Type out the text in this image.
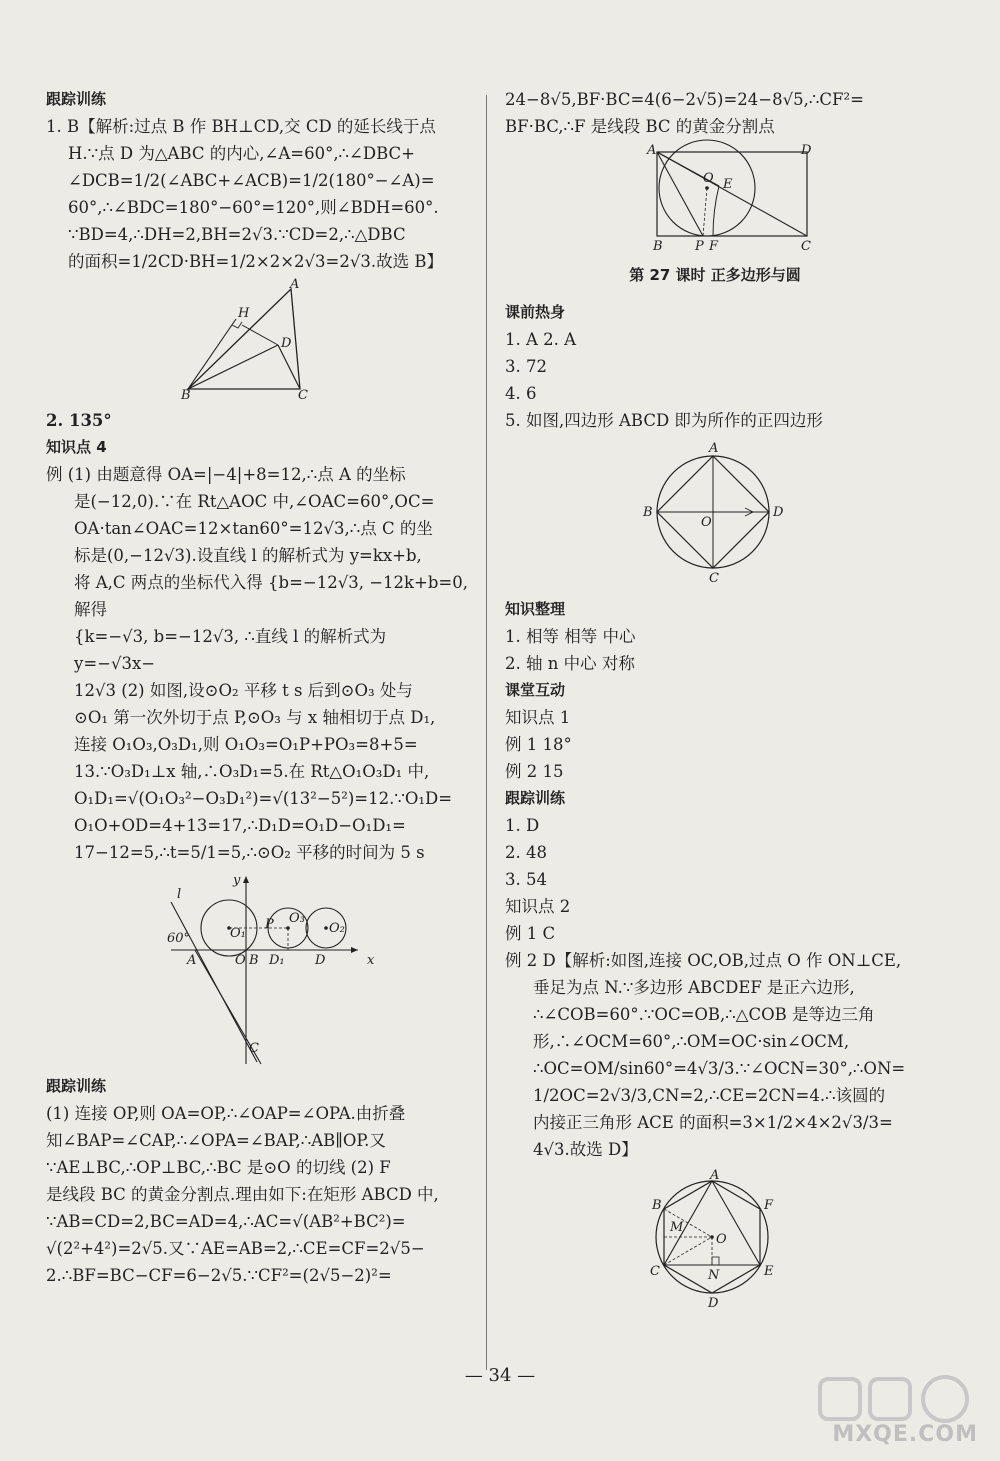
跟踪训练

1. B【解析:过点 B 作 BH⊥CD,交 CD 的延长线于点

H.∵点 D 为△ABC 的内心,∠A=60°,∴∠DBC+

∠DCB=1/2(∠ABC+∠ACB)=1/2(180°−∠A)=

60°,∴∠BDC=180°−60°=120°,则∠BDH=60°.

∵BD=4,∴DH=2,BH=2√3.∵CD=2,∴△DBC

的面积=1/2CD·BH=1/2×2×2√3=2√3.故选 B】

B	C
A
D
H

2. 135°

知识点 4

例 (1) 由题意得 OA=|−4|+8=12,∴点 A 的坐标

是(−12,0).∵在 Rt△AOC 中,∠OAC=60°,OC=

OA·tan∠OAC=12×tan60°=12√3,∴点 C 的坐

标是(0,−12√3).设直线 l 的解析式为 y=kx+b,

将 A,C 两点的坐标代入得 {b=−12√3, −12k+b=0, 解得

{k=−√3, b=−12√3, ∴直线 l 的解析式为 y=−√3x−

12√3 (2) 如图,设⊙O₂ 平移 t s 后到⊙O₃ 处与

⊙O₁ 第一次外切于点 P,⊙O₃ 与 x 轴相切于点 D₁,

连接 O₁O₃,O₃D₁,则 O₁O₃=O₁P+PO₃=8+5=

13.∵O₃D₁⊥x 轴,∴O₃D₁=5.在 Rt△O₁O₃D₁ 中,

O₁D₁=√(O₁O₃²−O₃D₁²)=√(13²−5²)=12.∵O₁D=

O₁O+OD=4+13=17,∴D₁D=O₁D−O₁D₁=

17−12=5,∴t=5/1=5,∴⊙O₂ 平移的时间为 5 s

x
y
l
60°
A	O B D₁ D
O₁
P O₃
O₂
C
跟踪训练

(1) 连接 OP,则 OA=OP,∴∠OAP=∠OPA.由折叠

知∠BAP=∠CAP,∴∠OPA=∠BAP,∴AB∥OP.又

∵AE⊥BC,∴OP⊥BC,∴BC 是⊙O 的切线 (2) F

是线段 BC 的黄金分割点.理由如下:在矩形 ABCD 中,

∵AB=CD=2,BC=AD=4,∴AC=√(AB²+BC²)=

√(2²+4²)=2√5.又∵AE=AB=2,∴CE=CF=2√5−

2.∴BF=BC−CF=6−2√5.∵CF²=(2√5−2)²=

24−8√5,BF·BC=4(6−2√5)=24−8√5,∴CF²=

BF·BC,∴F 是线段 BC 的黄金分割点

A	D
B	C
P F
O E
第 27 课时 正多边形与圆
课前热身

1. A 2. A

3. 72

4. 6

5. 如图,四边形 ABCD 即为所作的正四边形

A
B	D
C
O
知识整理

1. 相等 相等 中心

2. 轴 n 中心 对称

课堂互动

知识点 1

例 1 18°

例 2 15

跟踪训练

1. D

2. 48

3. 54

知识点 2

例 1 C

例 2 D【解析:如图,连接 OC,OB,过点 O 作 ON⊥CE,

垂足为点 N.∵多边形 ABCDEF 是正六边形,

∴∠COB=60°.∵OC=OB,∴△COB 是等边三角

形,∴∠OCM=60°,∴OM=OC·sin∠OCM,

∴OC=OM/sin60°=4√3/3.∵∠OCN=30°,∴ON=

1/2OC=2√3/3,CN=2,∴CE=2CN=4.∴该圆的

内接正三角形 ACE 的面积=3×1/2×4×2√3/3=

4√3.故选 D】

A
F
B
E
C
D
O
M
N
— 34 —
MXQE.COM
